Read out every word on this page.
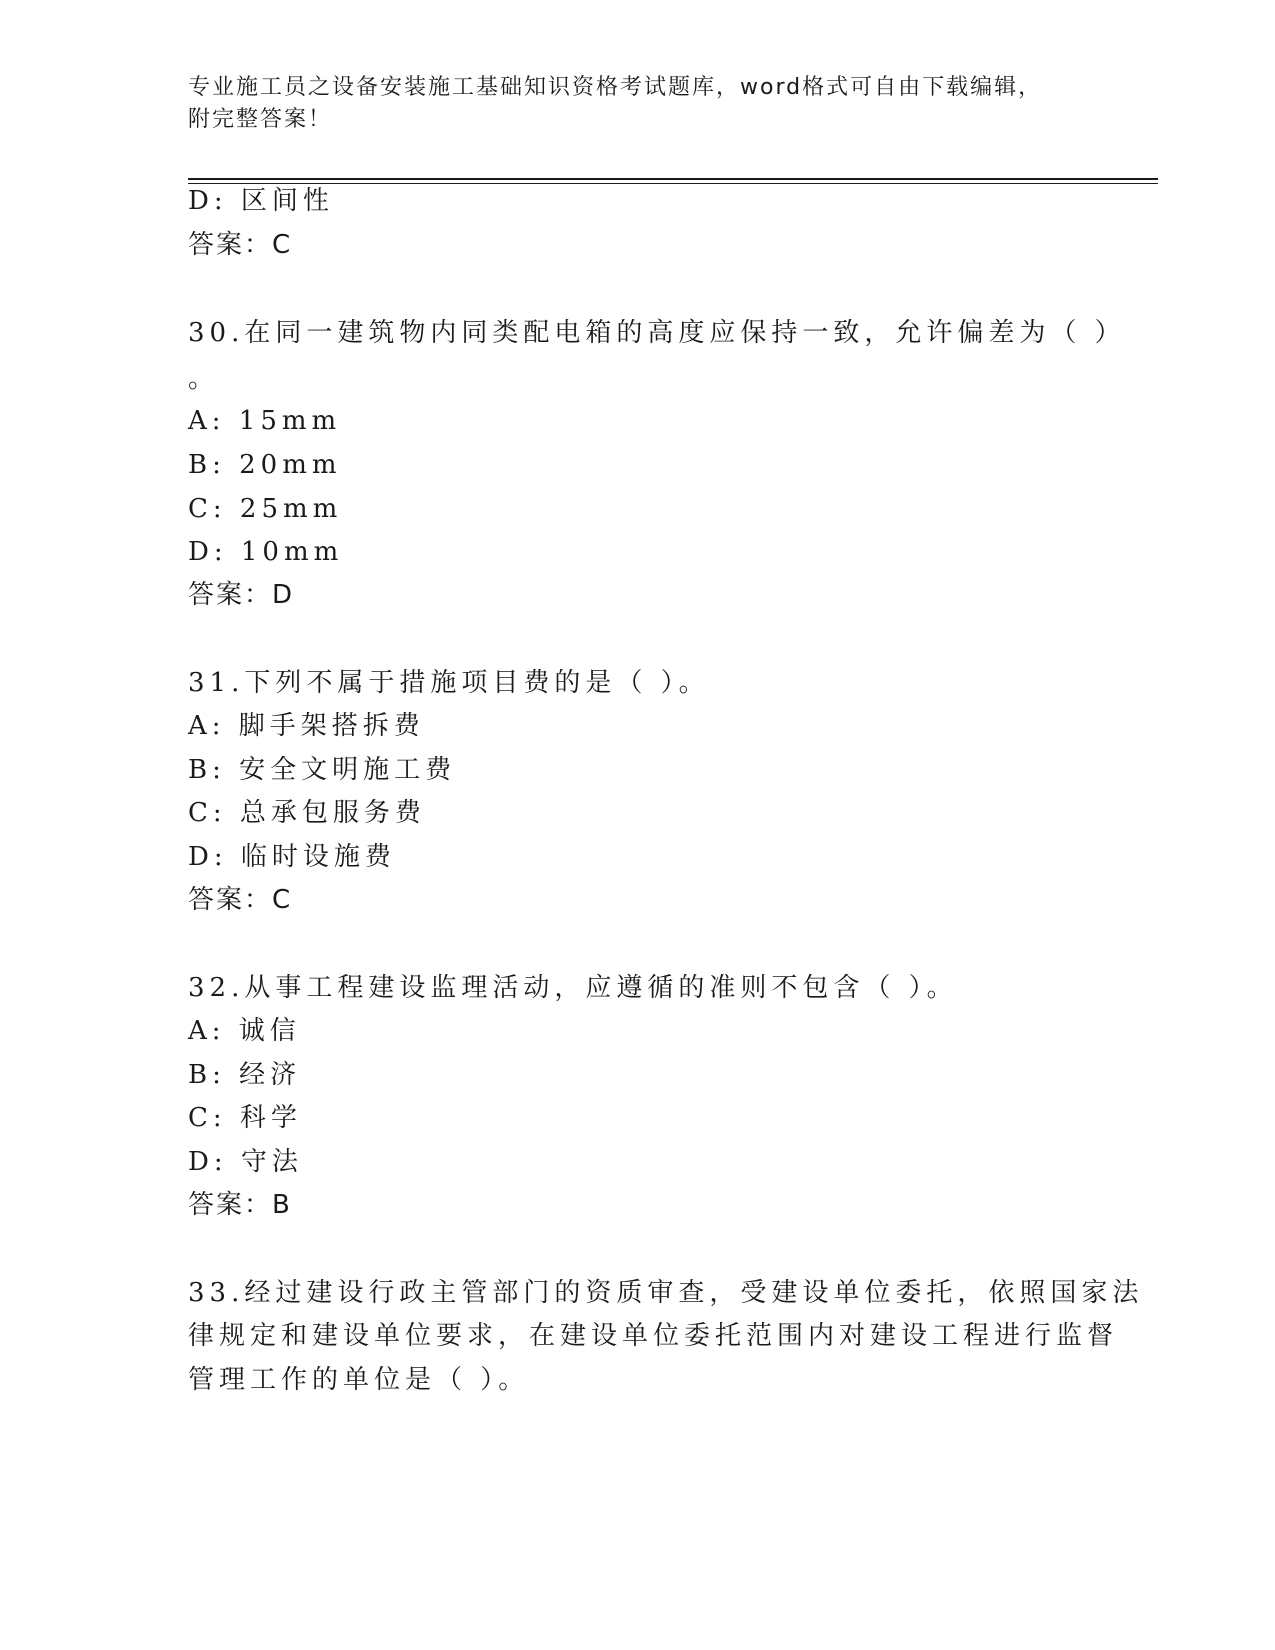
专业施工员之设备安装施工基础知识资格考试题库，word格式可自由下载编辑，
附完整答案！
D: 区间性
答案：C
30.在同一建筑物内同类配电箱的高度应保持一致，允许偏差为（ ）
。
A: 15mm
B: 20mm
C: 25mm
D: 10mm
答案：D
31.下列不属于措施项目费的是（ ）。
A: 脚手架搭拆费
B: 安全文明施工费
C: 总承包服务费
D: 临时设施费
答案：C
32.从事工程建设监理活动，应遵循的准则不包含（ ）。
A: 诚信
B: 经济
C: 科学
D: 守法
答案：B
33.经过建设行政主管部门的资质审查，受建设单位委托，依照国家法
律规定和建设单位要求，在建设单位委托范围内对建设工程进行监督
管理工作的单位是（ ）。
